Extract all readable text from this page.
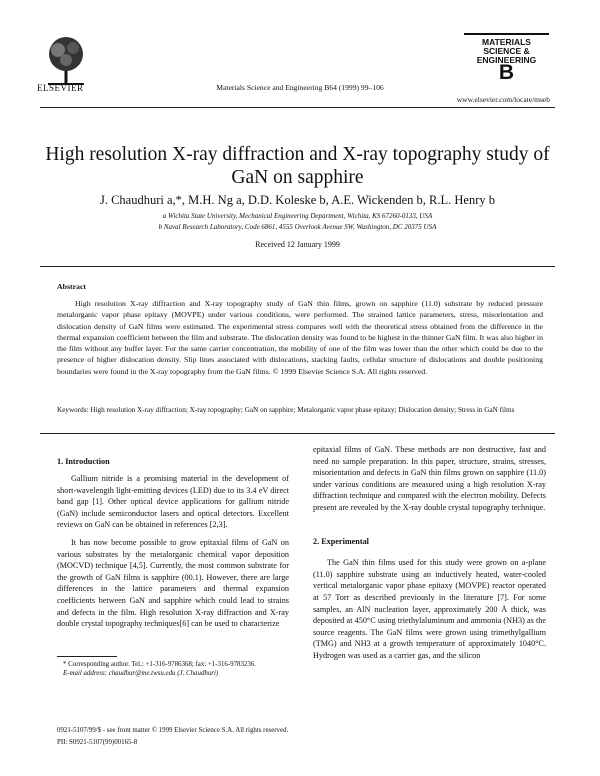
ELSEVIER	Materials Science and Engineering B64 (1999) 99–106
MATERIALS
SCIENCE &
ENGINEERING
B
www.elsevier.com/locate/mseb
High resolution X-ray diffraction and X-ray topography study of
GaN on sapphire
J. Chaudhuri a,*, M.H. Ng a, D.D. Koleske b, A.E. Wickenden b, R.L. Henry b
a Wichita State University, Mechanical Engineering Department, Wichita, KS 67260-0133, USA
b Naval Research Laboratory, Code 6861, 4555 Overlook Avenue SW, Washington, DC 20375 USA
Received 12 January 1999
Abstract
High resolution X-ray diffraction and X-ray topography study of GaN thin films, grown on sapphire (11.0) substrate by reduced pressure metalorganic vapor phase epitaxy (MOVPE) under various conditions, were performed. The strained lattice parameters, stress, misorientation and dislocation density of GaN films were estimated. The experimental stress compares well with the theoretical stress obtained from the difference in the thermal expansion coefficient between the film and substrate. The dislocation density was found to be highest in the thinner GaN film. It was also higher in the film without any buffer layer. For the same carrier concentration, the mobility of one of the film was lower than the other which could be due to the presence of higher dislocation density. Slip lines associated with dislocations, stacking faults, cellular structure of dislocations and double positioning boundaries were found in the X-ray topography from the GaN films. © 1999 Elsevier Science S.A. All rights reserved.
Keywords: High resolution X-ray diffraction; X-ray topography; GaN on sapphire; Metalorganic vapor phase epitaxy; Dislocation density; Stress in GaN films
1. Introduction

Gallium nitride is a promising material in the development of short-wavelength light-emitting devices (LED) due to its 3.4 eV direct band gap [1]. Other optical device applications for gallium nitride (GaN) include semiconductor lasers and optical detectors. Excellent reviews on GaN can be obtained in references [2,3].

It has now become possible to grow epitaxial films of GaN on various substrates by the metalorganic chemical vapor deposition (MOCVD) technique [4,5]. Currently, the most common substrate for the growth of GaN films is sapphire (00.1). However, there are large differences in the lattice parameters and thermal expansion coefficients between GaN and sapphire which could lead to strains and defects in the film. High resolution X-ray diffraction and X-ray double crystal topography techniques[6] can be used to characterize

* Corresponding author. Tel.: +1-316-9786368; fax: +1-316-9783236.
E-mail address: chaudhur@me.twsu.edu (J. Chaudhuri)

epitaxial films of GaN. These methods are non destructive, fast and need no sample preparation. In this paper, structure, strains, stresses, misorientation and defects in GaN thin films grown on sapphire (11.0) under various conditions are measured using a high resolution X-ray diffraction technique and compared with the electron mobility. Defects present are revealed by the X-ray double crystal topography technique.

2. Experimental

The GaN thin films used for this study were grown on a-plane (11.0) sapphire substrate using an inductively heated, water-cooled vertical metalorganic vapor phase epitaxy (MOVPE) reactor operated at 57 Torr as described previously in the literature [7]. For some samples, an AlN nucleation layer, approximately 200 Å thick, was deposited at 450°C using triethylaluminum and ammonia (NH3) as the source reagents. The GaN films were grown using trimethylgallium (TMG) and NH3 at a growth temperature of approximately 1040°C. Hydrogen was used as a carrier gas, and the silicon

0921-5107/99/$ - see front matter © 1999 Elsevier Science S.A. All rights reserved.
PII: S0921-5107(99)00165-8
